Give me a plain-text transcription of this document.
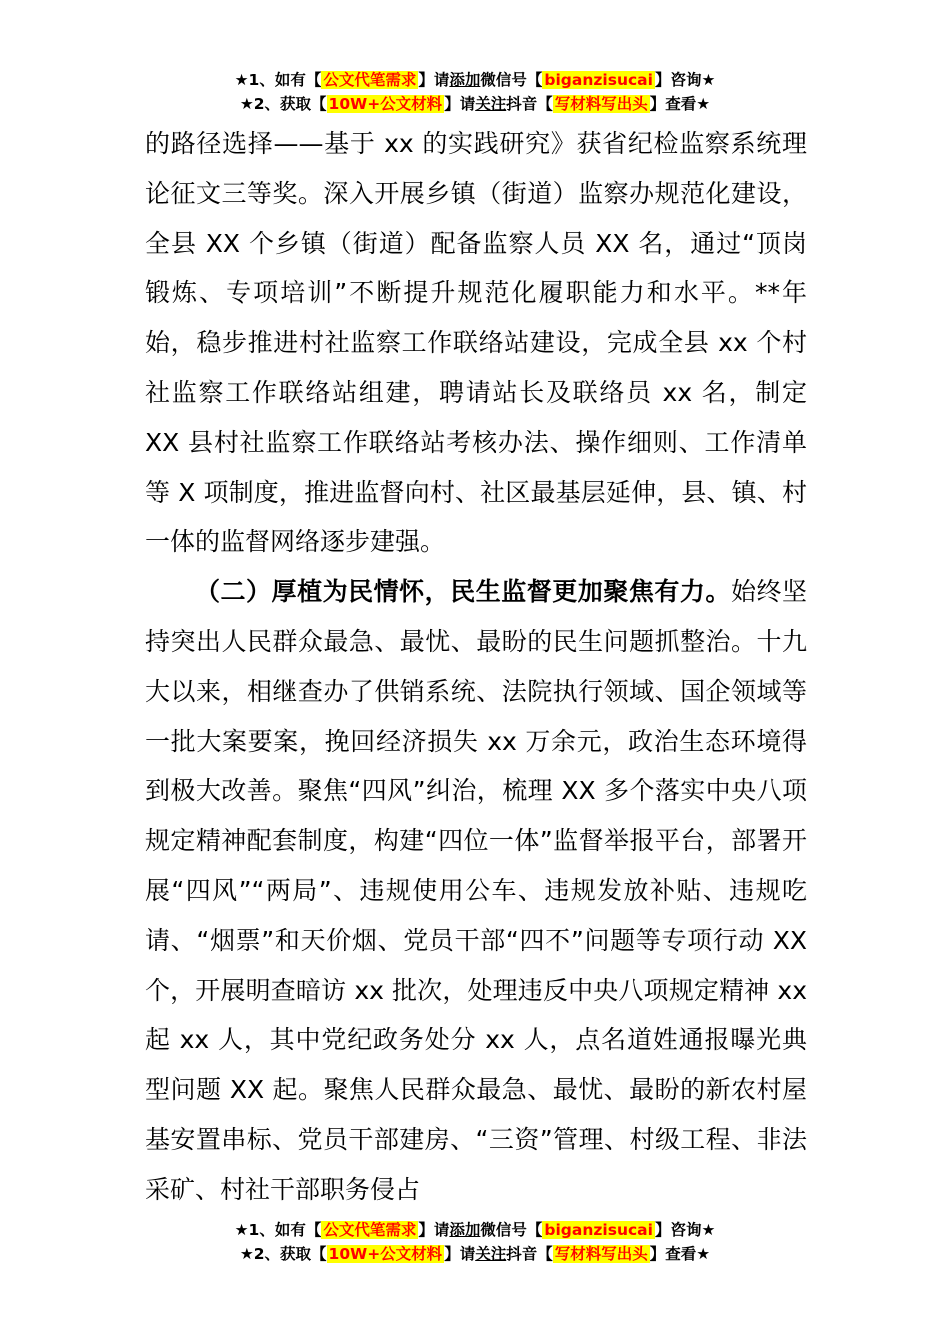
★1、如有【 公文代笔需求 】请添加微信号【 biganzisucai 】咨询★
★2、获取【 10W+公文材料 】请关注抖音【 写材料写出头 】查看★

的路径选择——基于 xx 的实践研究》获省纪检监察系统理论征文三等奖。深入开展乡镇（街道）监察办规范化建设，全县 XX 个乡镇（街道）配备监察人员 XX 名，通过“顶岗锻炼、专项培训”不断提升规范化履职能力和水平。**年始，稳步推进村社监察工作联络站建设，完成全县 xx 个村社监察工作联络站组建，聘请站长及联络员 xx 名，制定 XX 县村社监察工作联络站考核办法、操作细则、工作清单等 X 项制度，推进监督向村、社区最基层延伸，县、镇、村一体的监督网络逐步建强。

（二）厚植为民情怀，民生监督更加聚焦有力。始终坚持突出人民群众最急、最忧、最盼的民生问题抓整治。十九大以来，相继查办了供销系统、法院执行领域、国企领域等一批大案要案，挽回经济损失 xx 万余元，政治生态环境得到极大改善。聚焦“四风”纠治，梳理 XX 多个落实中央八项规定精神配套制度，构建“四位一体”监督举报平台，部署开展“四风”“两局”、违规使用公车、违规发放补贴、违规吃请、“烟票”和天价烟、党员干部“四不”问题等专项行动 XX 个，开展明查暗访 xx 批次，处理违反中央八项规定精神 xx 起 xx 人，其中党纪政务处分 xx 人，点名道姓通报曝光典型问题 XX 起。聚焦人民群众最急、最忧、最盼的新农村屋基安置串标、党员干部建房、“三资”管理、村级工程、非法采矿、村社干部职务侵占

★1、如有【 公文代笔需求 】请添加微信号【 biganzisucai 】咨询★
★2、获取【 10W+公文材料 】请关注抖音【 写材料写出头 】查看★
